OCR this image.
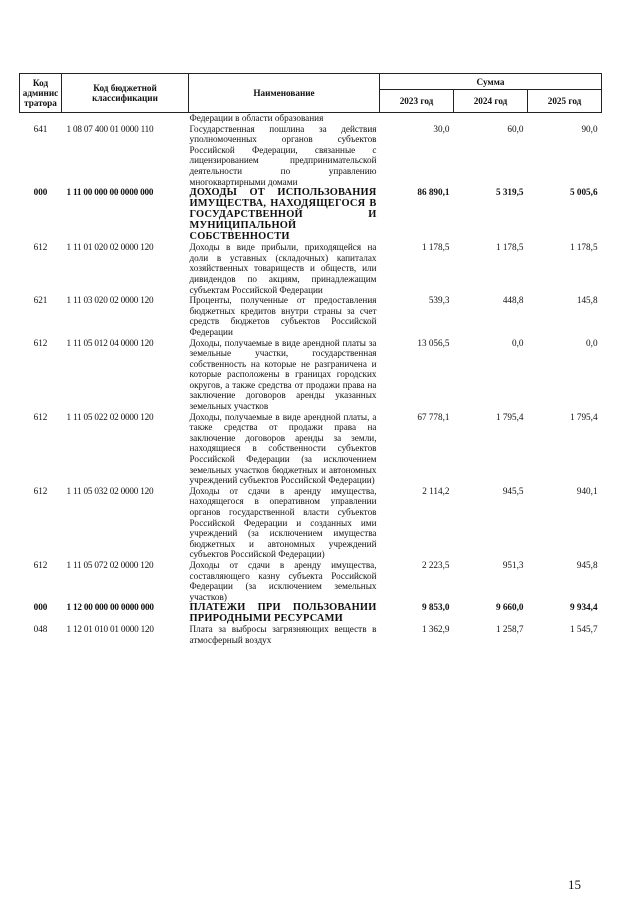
Код админис тратора	Код бюджетной классификации	Наименование	Сумма		
			2023 год	2024 год	2025 год
		Федерации в области образования			
641	1 08 07 400 01 0000 110	Государственная пошлина за действия уполномоченных органов субъектов Российской Федерации, связанные с лицензированием предпринимательской деятельности по управлению многоквартирными домами	30,0	60,0	90,0
000	1 11 00 000 00 0000 000	ДОХОДЫ ОТ ИСПОЛЬЗОВАНИЯ ИМУЩЕСТВА, НАХОДЯЩЕГОСЯ В ГОСУДАРСТВЕННОЙ И МУНИЦИПАЛЬНОЙ СОБСТВЕННОСТИ	86 890,1	5 319,5	5 005,6
612	1 11 01 020 02 0000 120	Доходы в виде прибыли, приходящейся на доли в уставных (складочных) капиталах хозяйственных товариществ и обществ, или дивидендов по акциям, принадлежащим субъектам Российской Федерации	1 178,5	1 178,5	1 178,5
621	1 11 03 020 02 0000 120	Проценты, полученные от предоставления бюджетных кредитов внутри страны за счет средств бюджетов субъектов Российской Федерации	539,3	448,8	145,8
612	1 11 05 012 04 0000 120	Доходы, получаемые в виде арендной платы за земельные участки, государственная собственность на которые не разграничена и которые расположены в границах городских округов, а также средства от продажи права на заключение договоров аренды указанных земельных участков	13 056,5	0,0	0,0
612	1 11 05 022 02 0000 120	Доходы, получаемые в виде арендной платы, а также средства от продажи права на заключение договоров аренды за земли, находящиеся в собственности субъектов Российской Федерации (за исключением земельных участков бюджетных и автономных учреждений субъектов Российской Федерации)	67 778,1	1 795,4	1 795,4
612	1 11 05 032 02 0000 120	Доходы от сдачи в аренду имущества, находящегося в оперативном управлении органов государственной власти субъектов Российской Федерации и созданных ими учреждений (за исключением имущества бюджетных и автономных учреждений субъектов Российской Федерации)	2 114,2	945,5	940,1
612	1 11 05 072 02 0000 120	Доходы от сдачи в аренду имущества, составляющего казну субъекта Российской Федерации (за исключением земельных участков)	2 223,5	951,3	945,8
000	1 12 00 000 00 0000 000	ПЛАТЕЖИ ПРИ ПОЛЬЗОВАНИИ ПРИРОДНЫМИ РЕСУРСАМИ	9 853,0	9 660,0	9 934,4
048	1 12 01 010 01 0000 120	Плата за выбросы загрязняющих веществ в атмосферный воздух	1 362,9	1 258,7	1 545,7
15
